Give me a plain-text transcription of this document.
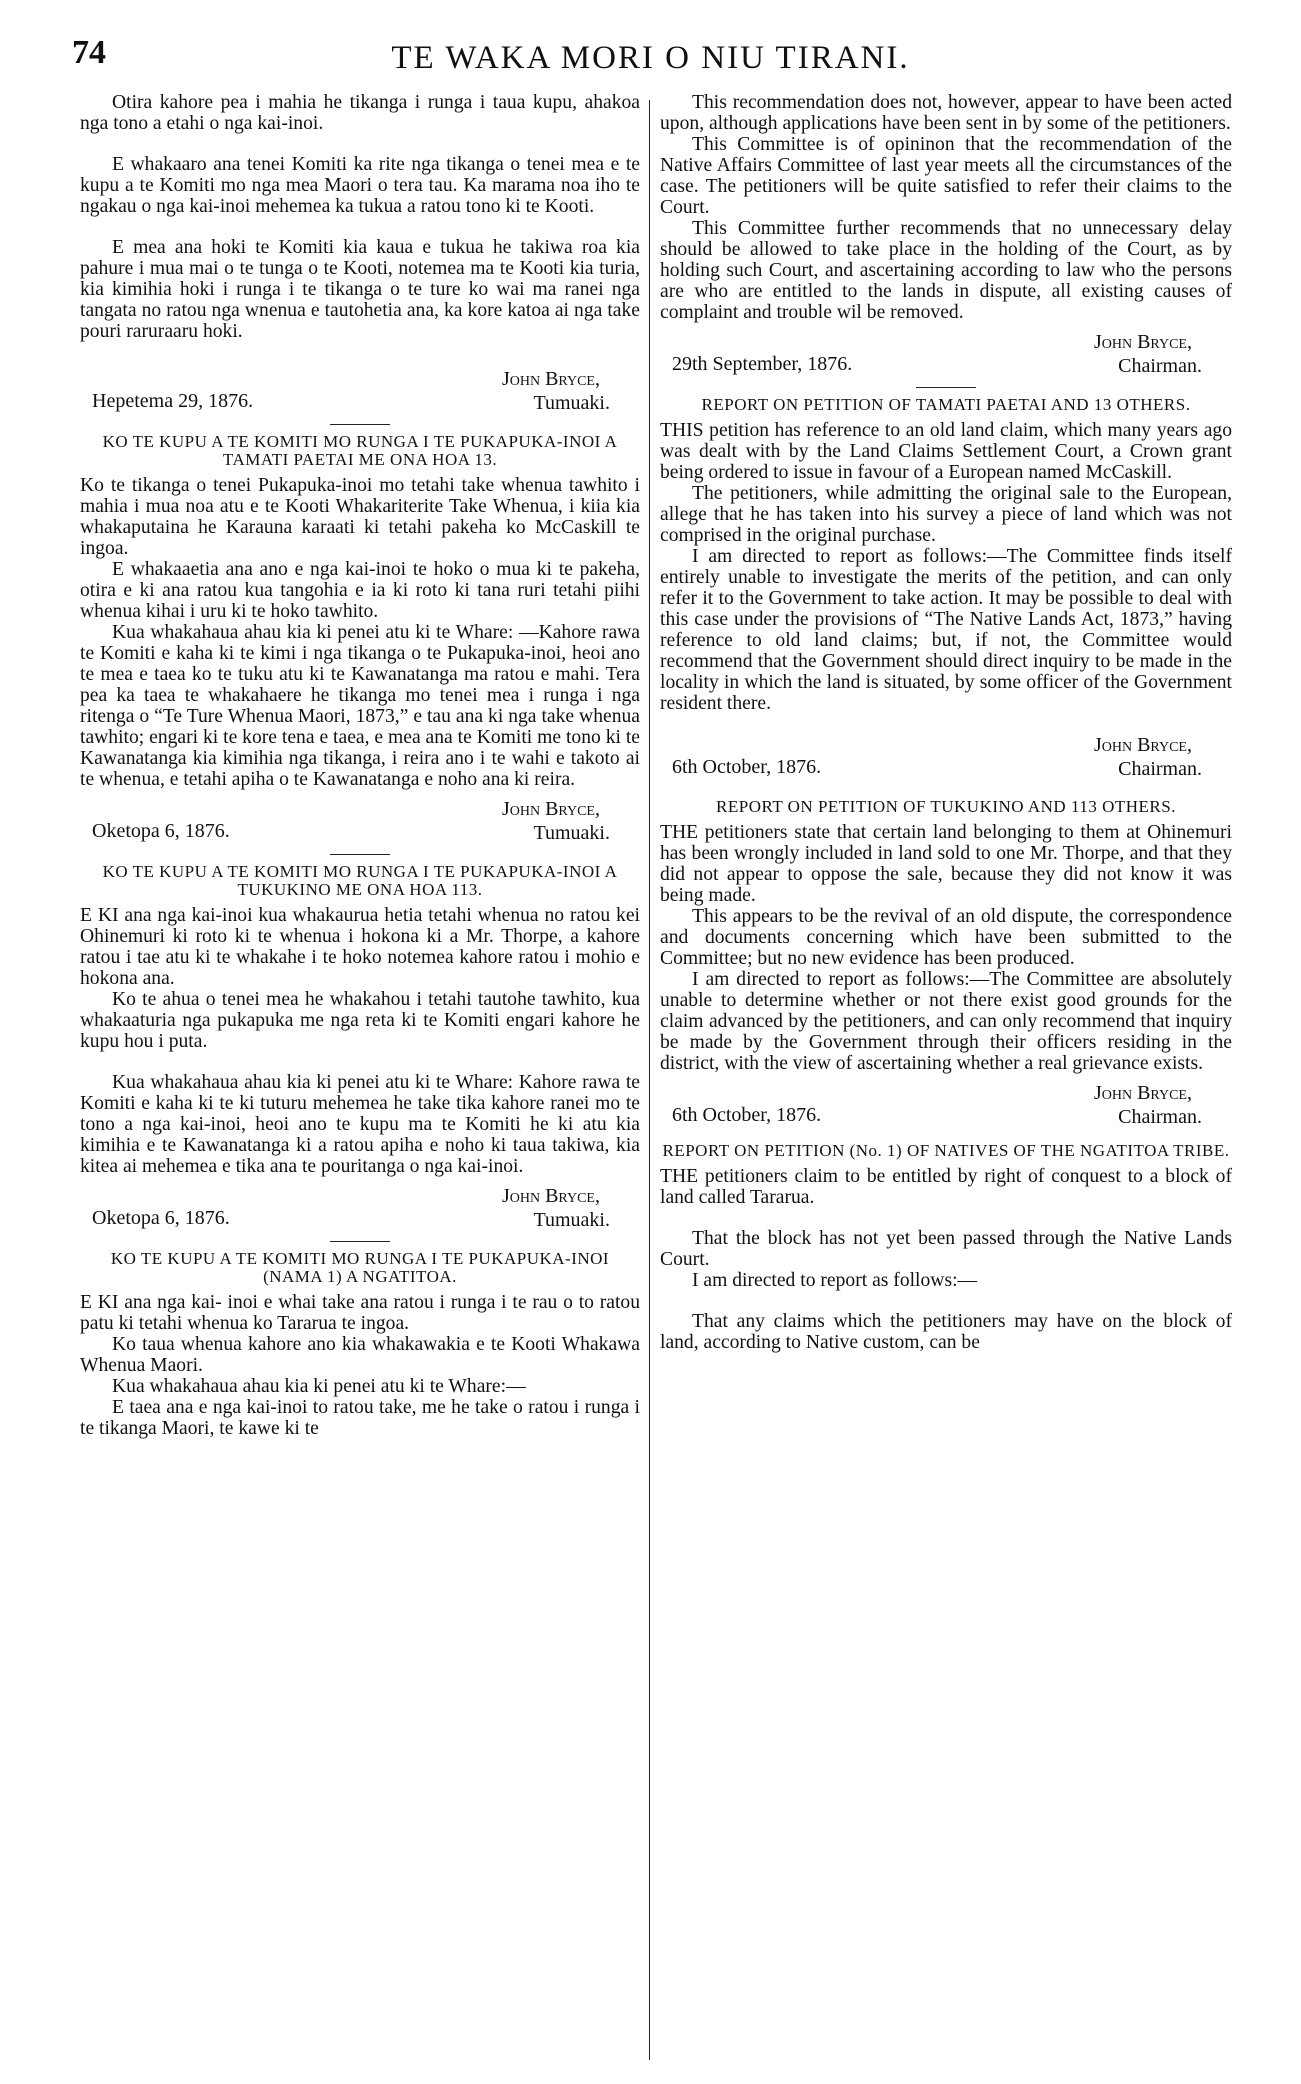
74	TE WAKA MORI O NIU TIRANI.

Otira kahore pea i mahia he tikanga i runga i taua kupu, ahakoa nga tono a etahi o nga kai-inoi.

E whakaaro ana tenei Komiti ka rite nga tikanga o tenei mea e te kupu a te Komiti mo nga mea Maori o tera tau. Ka marama noa iho te ngakau o nga kai-inoi mehemea ka tukua a ratou tono ki te Kooti.

E mea ana hoki te Komiti kia kaua e tukua he takiwa roa kia pahure i mua mai o te tunga o te Kooti, notemea ma te Kooti kia turia, kia kimihia hoki i runga i te tikanga o te ture ko wai ma ranei nga tangata no ratou nga wnenua e tautohetia ana, ka kore katoa ai nga take pouri raruraaru hoki.

John Bryce,
Tumuaki.
Hepetema 29, 1876.
KO TE KUPU A TE KOMITI MO RUNGA I TE PUKAPUKA-INOI A TAMATI PAETAI ME ONA HOA 13.

Ko te tikanga o tenei Pukapuka-inoi mo tetahi take whenua tawhito i mahia i mua noa atu e te Kooti Whakariterite Take Whenua, i kiia kia whakaputaina he Karauna karaati ki tetahi pakeha ko McCaskill te ingoa.

E whakaaetia ana ano e nga kai-inoi te hoko o mua ki te pakeha, otira e ki ana ratou kua tangohia e ia ki roto ki tana ruri tetahi piihi whenua kihai i uru ki te hoko tawhito.

Kua whakahaua ahau kia ki penei atu ki te Whare: —Kahore rawa te Komiti e kaha ki te kimi i nga tikanga o te Pukapuka-inoi, heoi ano te mea e taea ko te tuku atu ki te Kawanatanga ma ratou e mahi. Tera pea ka taea te whakahaere he tikanga mo tenei mea i runga i nga ritenga o “Te Ture Whenua Maori, 1873,” e tau ana ki nga take whenua tawhito; engari ki te kore tena e taea, e mea ana te Komiti me tono ki te Kawanatanga kia kimihia nga tikanga, i reira ano i te wahi e takoto ai te whenua, e tetahi apiha o te Kawanatanga e noho ana ki reira.

John Bryce,
Tumuaki.
Oketopa 6, 1876.
KO TE KUPU A TE KOMITI MO RUNGA I TE PUKAPUKA-INOI A TUKUKINO ME ONA HOA 113.

E KI ana nga kai-inoi kua whakaurua hetia tetahi whenua no ratou kei Ohinemuri ki roto ki te whenua i hokona ki a Mr. Thorpe, a kahore ratou i tae atu ki te whakahe i te hoko notemea kahore ratou i mohio e hokona ana.

Ko te ahua o tenei mea he whakahou i tetahi tautohe tawhito, kua whakaaturia nga pukapuka me nga reta ki te Komiti engari kahore he kupu hou i puta.

Kua whakahaua ahau kia ki penei atu ki te Whare: Kahore rawa te Komiti e kaha ki te ki tuturu mehemea he take tika kahore ranei mo te tono a nga kai-inoi, heoi ano te kupu ma te Komiti he ki atu kia kimihia e te Kawanatanga ki a ratou apiha e noho ki taua takiwa, kia kitea ai mehemea e tika ana te pouritanga o nga kai-inoi.

John Bryce,
Tumuaki.
Oketopa 6, 1876.
KO TE KUPU A TE KOMITI MO RUNGA I TE PUKAPUKA-INOI (NAMA 1) A NGATITOA.

E KI ana nga kai- inoi e whai take ana ratou i runga i te rau o to ratou patu ki tetahi whenua ko Tararua te ingoa.

Ko taua whenua kahore ano kia whakawakia e te Kooti Whakawa Whenua Maori.

Kua whakahaua ahau kia ki penei atu ki te Whare:—

E taea ana e nga kai-inoi to ratou take, me he take o ratou i runga i te tikanga Maori, te kawe ki te

This recommendation does not, however, appear to have been acted upon, although applications have been sent in by some of the petitioners.

This Committee is of opininon that the recommendation of the Native Affairs Committee of last year meets all the circumstances of the case. The petitioners will be quite satisfied to refer their claims to the Court.

This Committee further recommends that no unnecessary delay should be allowed to take place in the holding of the Court, as by holding such Court, and ascertaining according to law who the persons are who are entitled to the lands in dispute, all existing causes of complaint and trouble wil be removed.

John Bryce,
Chairman.
29th September, 1876.
REPORT ON PETITION OF TAMATI PAETAI AND 13 OTHERS.

THIS petition has reference to an old land claim, which many years ago was dealt with by the Land Claims Settlement Court, a Crown grant being ordered to issue in favour of a European named McCaskill.

The petitioners, while admitting the original sale to the European, allege that he has taken into his survey a piece of land which was not comprised in the original purchase.

I am directed to report as follows:—The Committee finds itself entirely unable to investigate the merits of the petition, and can only refer it to the Government to take action. It may be possible to deal with this case under the provisions of “The Native Lands Act, 1873,” having reference to old land claims; but, if not, the Committee would recommend that the Government should direct inquiry to be made in the locality in which the land is situated, by some officer of the Government resident there.

John Bryce,
Chairman.
6th October, 1876.
REPORT ON PETITION OF TUKUKINO AND 113 OTHERS.

THE petitioners state that certain land belonging to them at Ohinemuri has been wrongly included in land sold to one Mr. Thorpe, and that they did not appear to oppose the sale, because they did not know it was being made.

This appears to be the revival of an old dispute, the correspondence and documents concerning which have been submitted to the Committee; but no new evidence has been produced.

I am directed to report as follows:—The Committee are absolutely unable to determine whether or not there exist good grounds for the claim advanced by the petitioners, and can only recommend that inquiry be made by the Government through their officers residing in the district, with the view of ascertaining whether a real grievance exists.

John Bryce,
Chairman.
6th October, 1876.
REPORT ON PETITION (No. 1) OF NATIVES OF THE NGATITOA TRIBE.

THE petitioners claim to be entitled by right of conquest to a block of land called Tararua.

That the block has not yet been passed through the Native Lands Court.

I am directed to report as follows:—

That any claims which the petitioners may have on the block of land, according to Native custom, can be
